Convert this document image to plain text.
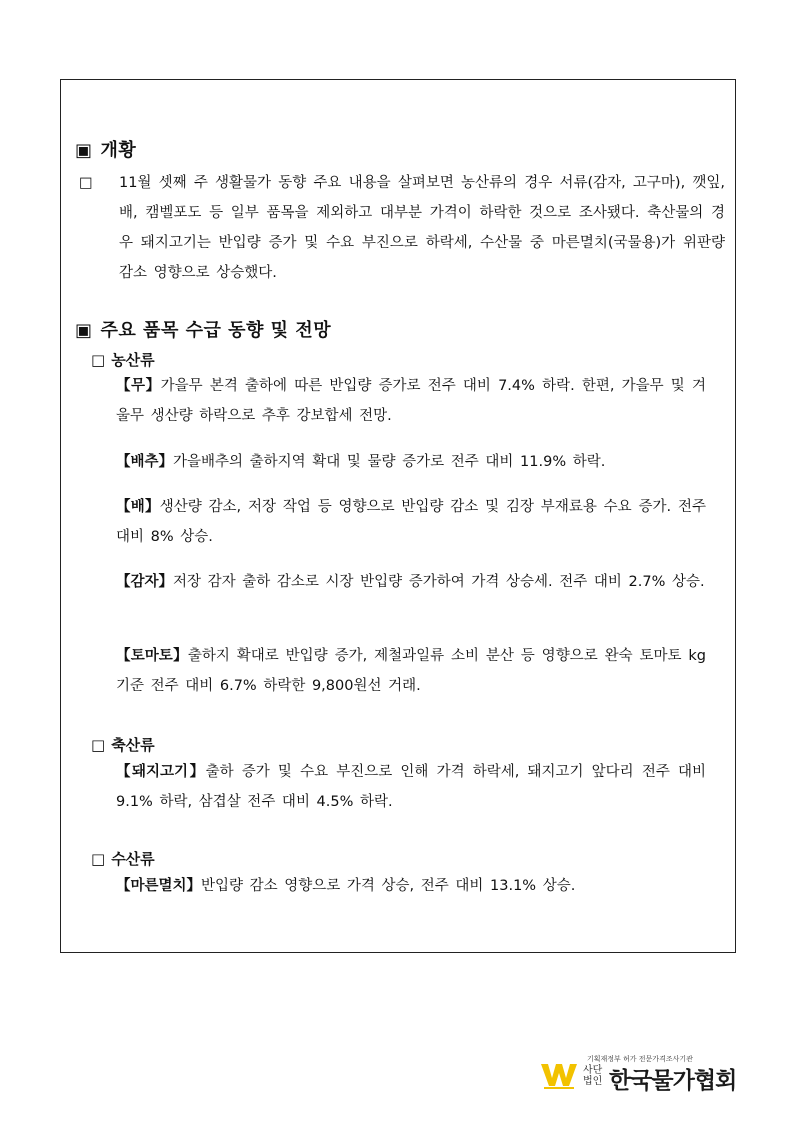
▣ 개황
□ 11월 셋째 주 생활물가 동향 주요 내용을 살펴보면 농산류의 경우 서류(감자, 고구마), 깻잎, 배, 캠벨포도 등 일부 품목을 제외하고 대부분 가격이 하락한 것으로 조사됐다. 축산물의 경우 돼지고기는 반입량 증가 및 수요 부진으로 하락세, 수산물 중 마른멸치(국물용)가 위판량 감소 영향으로 상승했다.
▣ 주요 품목 수급 동향 및 전망
□ 농산류
【무】가을무 본격 출하에 따른 반입량 증가로 전주 대비 7.4% 하락. 한편, 가을무 및 겨울무 생산량 하락으로 추후 강보합세 전망.
【배추】가을배추의 출하지역 확대 및 물량 증가로 전주 대비 11.9% 하락.
【배】생산량 감소, 저장 작업 등 영향으로 반입량 감소 및 김장 부재료용 수요 증가. 전주 대비 8% 상승.
【감자】저장 감자 출하 감소로 시장 반입량 증가하여 가격 상승세. 전주 대비 2.7% 상승.
【토마토】출하지 확대로 반입량 증가, 제철과일류 소비 분산 등 영향으로 완숙 토마토 kg 기준 전주 대비 6.7% 하락한 9,800원선 거래.
□ 축산류
【돼지고기】출하 증가 및 수요 부진으로 인해 가격 하락세, 돼지고기 앞다리 전주 대비 9.1% 하락, 삼겹살 전주 대비 4.5% 하락.
□ 수산류
【마른멸치】반입량 감소 영향으로 가격 상승, 전주 대비 13.1% 상승.
기획재정부 허가 전문가격조사기관
사단법인 한국물가협회
